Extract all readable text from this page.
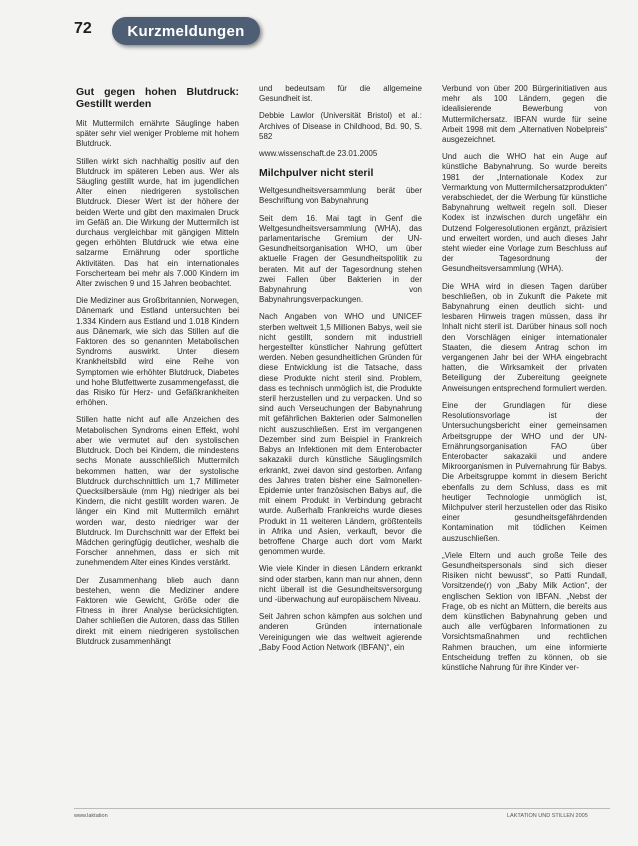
72	Kurzmeldungen
Gut gegen hohen Blutdruck: Gestillt werden

Mit Muttermilch ernährte Säuglinge haben später sehr viel weniger Probleme mit hohem Blutdruck.

Stillen wirkt sich nachhaltig positiv auf den Blutdruck im späteren Leben aus. Wer als Säugling gestillt wurde, hat im jugendlichen Alter einen niedrigeren systolischen Blutdruck. Dieser Wert ist der höhere der beiden Werte und gibt den maximalen Druck im Gefäß an. Die Wirkung der Muttermilch ist durchaus vergleichbar mit gängigen Mitteln gegen erhöhten Blutdruck wie etwa eine salzarme Ernährung oder sportliche Aktivitäten. Das hat ein internationales Forscherteam bei mehr als 7.000 Kindern im Alter zwischen 9 und 15 Jahren beobachtet.

Die Mediziner aus Großbritannien, Norwegen, Dänemark und Estland untersuchten bei 1.334 Kindern aus Estland und 1.018 Kindern aus Dänemark, wie sich das Stillen auf die Faktoren des so genannten Metabolischen Syndroms auswirkt. Unter diesem Krankheitsbild wird eine Reihe von Symptomen wie erhöhter Blutdruck, Diabetes und hohe Blutfettwerte zusammengefasst, die das Risiko für Herz- und Gefäßkrankheiten erhöhen.

Stillen hatte nicht auf alle Anzeichen des Metabolischen Syndroms einen Effekt, wohl aber wie vermutet auf den systolischen Blutdruck. Doch bei Kindern, die mindestens sechs Monate ausschließlich Muttermilch bekommen hatten, war der systolische Blutdruck durchschnittlich um 1,7 Millimeter Quecksilbersäule (mm Hg) niedriger als bei Kindern, die nicht gestillt worden waren. Je länger ein Kind mit Muttermilch ernährt worden war, desto niedriger war der Blutdruck. Im Durchschnitt war der Effekt bei Mädchen geringfügig deutlicher, weshalb die Forscher annehmen, dass er sich mit zunehmendem Alter eines Kindes verstärkt.

Der Zusammenhang blieb auch dann bestehen, wenn die Mediziner andere Faktoren wie Gewicht, Größe oder die Fitness in ihrer Analyse berücksichtigten. Daher schließen die Autoren, dass das Stillen direkt mit einem niedrigeren systolischen Blutdruck zusammenhängt

und bedeutsam für die allgemeine Gesundheit ist.

Debbie Lawlor (Universität Bristol) et al.: Archives of Disease in Childhood, Bd. 90, S. 582

www.wissenschaft.de 23.01.2005

Milchpulver nicht steril

Weltgesundheitsversammlung berät über Beschriftung von Babynahrung

Seit dem 16. Mai tagt in Genf die Weltgesundheitsversammlung (WHA), das parlamentarische Gremium der UN-Gesundheitsorganisation WHO, um über aktuelle Fragen der Gesundheitspolitik zu beraten. Mit auf der Tagesordnung stehen zwei Fallen über Bakterien in der Babynahrung von Babynahrungsverpackungen.

Nach Angaben von WHO und UNICEF sterben weltweit 1,5 Millionen Babys, weil sie nicht gestillt, sondern mit industriell hergestellter künstlicher Nahrung gefüttert werden. Neben gesundheitlichen Gründen für diese Entwicklung ist die Tatsache, dass diese Produkte nicht steril sind. Problem, dass es technisch unmöglich ist, die Produkte steril herzustellen und zu verpacken. Und so sind auch Verseuchungen der Babynahrung mit gefährlichen Bakterien oder Salmonellen nicht auszuschließen. Erst im vergangenen Dezember sind zum Beispiel in Frankreich Babys an Infektionen mit dem Enterobacter sakazakii durch künstliche Säuglingsmilch erkrankt, zwei davon sind gestorben. Anfang des Jahres traten bisher eine Salmonellen-Epidemie unter französischen Babys auf, die mit einem Produkt in Verbindung gebracht wurde. Außerhalb Frankreichs wurde dieses Produkt in 11 weiteren Ländern, größtenteils in Afrika und Asien, verkauft, bevor die betroffene Charge auch dort vom Markt genommen wurde.

Wie viele Kinder in diesen Ländern erkrankt sind oder starben, kann man nur ahnen, denn nicht überall ist die Gesundheitsversorgung und -überwachung auf europäischem Niveau.

Seit Jahren schon kämpfen aus solchen und anderen Gründen internationale Vereinigungen wie das weltweit agierende „Baby Food Action Network (IBFAN)“, ein

Verbund von über 200 Bürgerinitiativen aus mehr als 100 Ländern, gegen die idealisierende Bewerbung von Muttermilchersatz. IBFAN wurde für seine Arbeit 1998 mit dem „Alternativen Nobelpreis“ ausgezeichnet.

Und auch die WHO hat ein Auge auf künstliche Babynahrung. So wurde bereits 1981 der „Internationale Kodex zur Vermarktung von Muttermilchersatzprodukten“ verabschiedet, der die Werbung für künstliche Babynahrung weltweit regeln soll. Dieser Kodex ist inzwischen durch ungefähr ein Dutzend Folgeresolutionen ergänzt, präzisiert und erweitert worden, und auch dieses Jahr steht wieder eine Vorlage zum Beschluss auf der Tagesordnung der Gesundheitsversammlung (WHA).

Die WHA wird in diesen Tagen darüber beschließen, ob in Zukunft die Pakete mit Babynahrung einen deutlich sicht- und lesbaren Hinweis tragen müssen, dass ihr Inhalt nicht steril ist. Darüber hinaus soll noch den Vorschlägen einiger internationaler Staaten, die diesem Antrag schon im vergangenen Jahr bei der WHA eingebracht hatten, die Wirksamkeit der privaten Beteiligung der Zubereitung geeignete Anweisungen entsprechend formuliert werden.

Eine der Grundlagen für diese Resolutionsvorlage ist der Untersuchungsbericht einer gemeinsamen Arbeitsgruppe der WHO und der UN-Ernährungsorganisation FAO über Enterobacter sakazakii und andere Mikroorganismen in Pulvernahrung für Babys. Die Arbeitsgruppe kommt in diesem Bericht ebenfalls zu dem Schluss, dass es mit heutiger Technologie unmöglich ist, Milchpulver steril herzustellen oder das Risiko einer gesundheitsgefährdenden Kontamination mit tödlichen Keimen auszuschließen.

„Viele Eltern und auch große Teile des Gesundheitspersonals sind sich dieser Risiken nicht bewusst“, so Patti Rundall, Vorsitzende(r) von „Baby Milk Action“, der englischen Sektion von IBFAN. „Nebst der Frage, ob es nicht an Müttern, die bereits aus dem künstlichen Babynahrung geben und auch alle verfügbaren Informationen zu Vorsichtsmaßnahmen und rechtlichen Rahmen brauchen, um eine informierte Entscheidung treffen zu können, ob sie künstliche Nahrung für ihre Kinder ver-

www.laktation	LAKTATION UND STILLEN 2005
